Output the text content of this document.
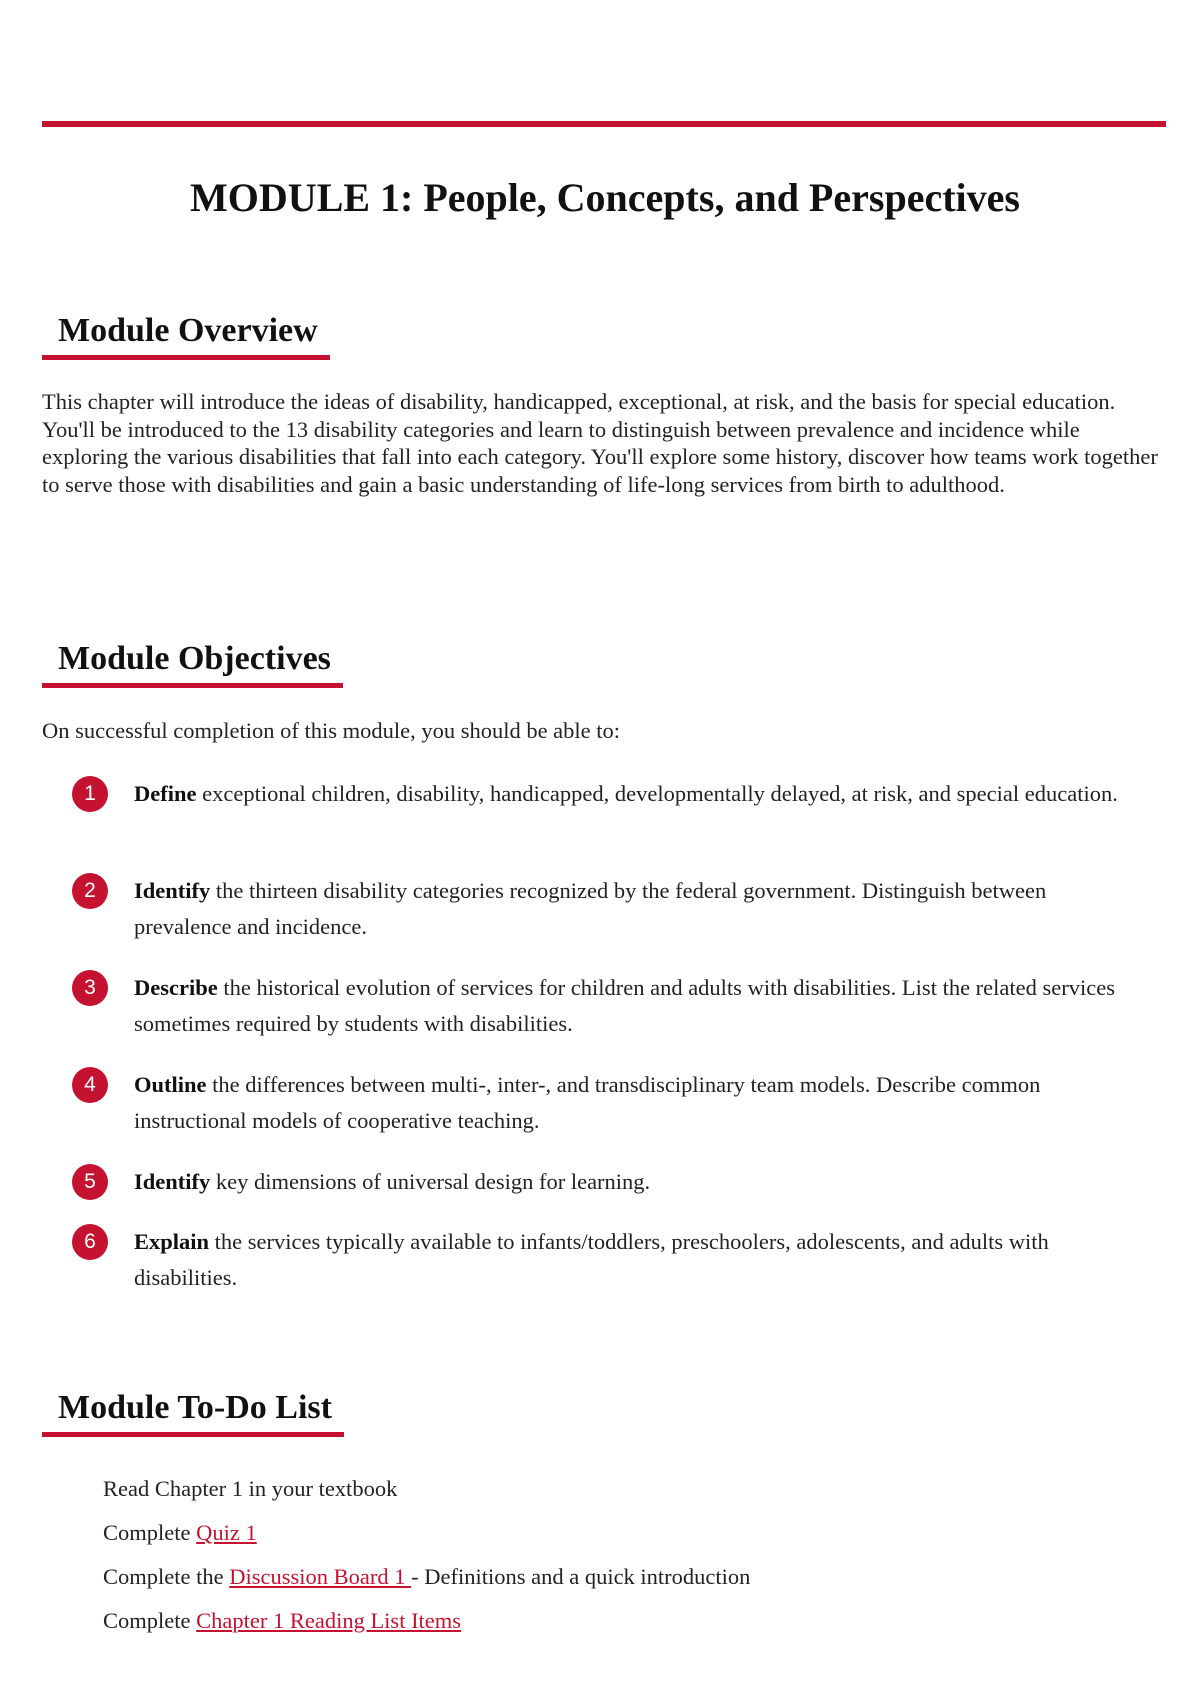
MODULE 1: People, Concepts, and Perspectives
Module Overview

This chapter will introduce the ideas of disability, handicapped, exceptional, at risk, and the basis for special education. You'll be introduced to the 13 disability categories and learn to distinguish between prevalence and incidence while exploring the various disabilities that fall into each category. You'll explore some history, discover how teams work together to serve those with disabilities and gain a basic understanding of life-long services from birth to adulthood.

Module Objectives

On successful completion of this module, you should be able to:

1	Define exceptional children, disability, handicapped, developmentally delayed, at risk, and special education.
2	Identify the thirteen disability categories recognized by the federal government. Distinguish between prevalence and incidence.
3	Describe the historical evolution of services for children and adults with disabilities. List the related services sometimes required by students with disabilities.
4	Outline the differences between multi-, inter-, and transdisciplinary team models. Describe common instructional models of cooperative teaching.
5	Identify key dimensions of universal design for learning.
6	Explain the services typically available to infants/toddlers, preschoolers, adolescents, and adults with disabilities.
Module To-Do List
Read Chapter 1 in your textbook
Complete Quiz 1
Complete the Discussion Board 1 - Definitions and a quick introduction
Complete Chapter 1 Reading List Items
